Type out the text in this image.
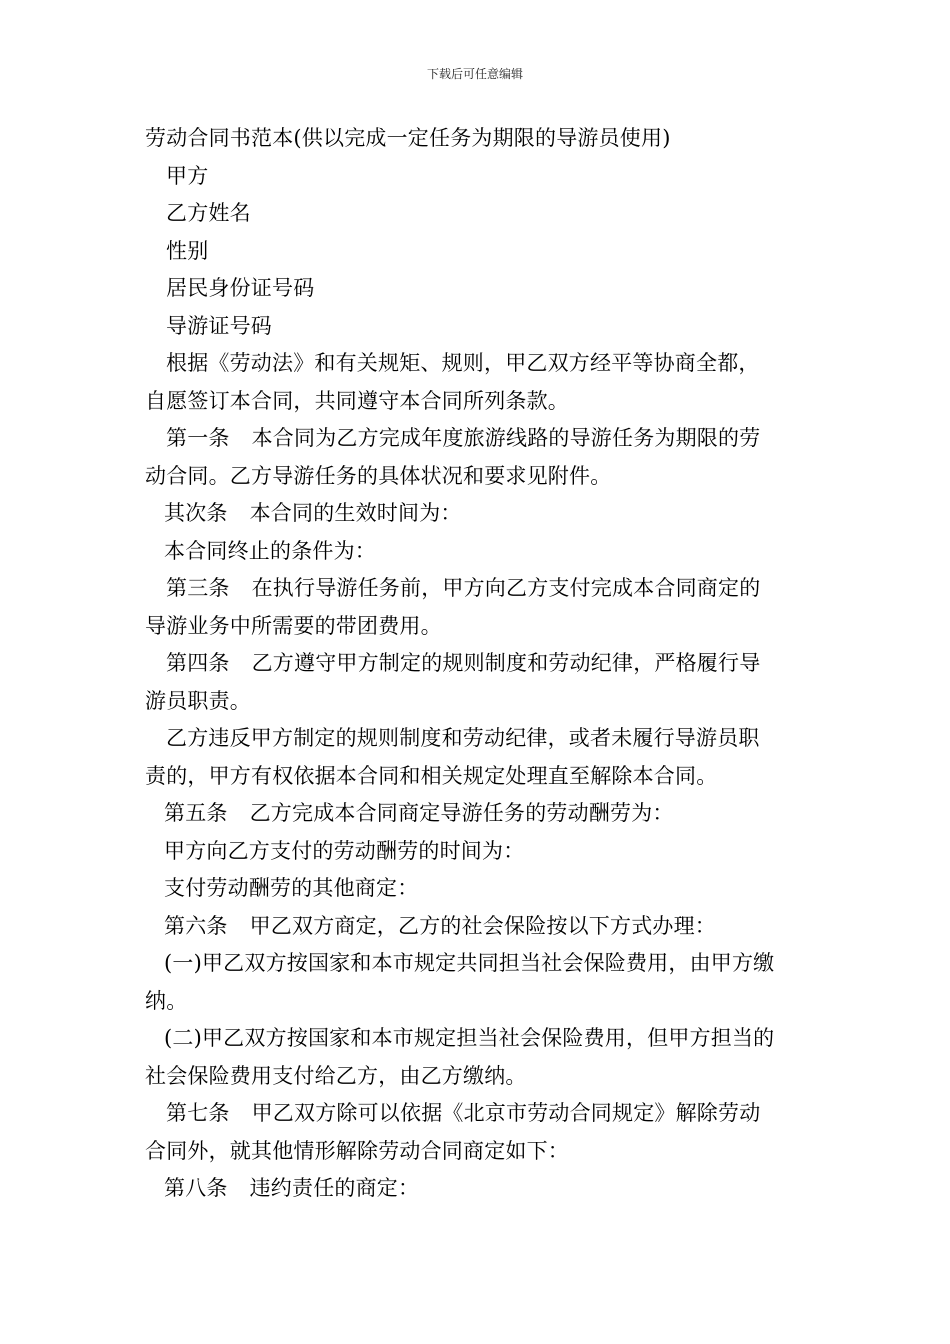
下载后可任意编辑
劳动合同书范本(供以完成一定任务为期限的导游员使用)
甲方
乙方姓名
性别
居民身份证号码
导游证号码
根据《劳动法》和有关规矩、规则，甲乙双方经平等协商全都，
自愿签订本合同，共同遵守本合同所列条款。
第一条 本合同为乙方完成年度旅游线路的导游任务为期限的劳
动合同。乙方导游任务的具体状况和要求见附件。
其次条 本合同的生效时间为：
本合同终止的条件为：
第三条 在执行导游任务前，甲方向乙方支付完成本合同商定的
导游业务中所需要的带团费用。
第四条 乙方遵守甲方制定的规则制度和劳动纪律，严格履行导
游员职责。
乙方违反甲方制定的规则制度和劳动纪律，或者未履行导游员职
责的，甲方有权依据本合同和相关规定处理直至解除本合同。
第五条 乙方完成本合同商定导游任务的劳动酬劳为：
甲方向乙方支付的劳动酬劳的时间为：
支付劳动酬劳的其他商定：
第六条 甲乙双方商定，乙方的社会保险按以下方式办理：
(一)甲乙双方按国家和本市规定共同担当社会保险费用，由甲方缴
纳。
(二)甲乙双方按国家和本市规定担当社会保险费用，但甲方担当的
社会保险费用支付给乙方，由乙方缴纳。
第七条 甲乙双方除可以依据《北京市劳动合同规定》解除劳动
合同外，就其他情形解除劳动合同商定如下：
第八条 违约责任的商定：
